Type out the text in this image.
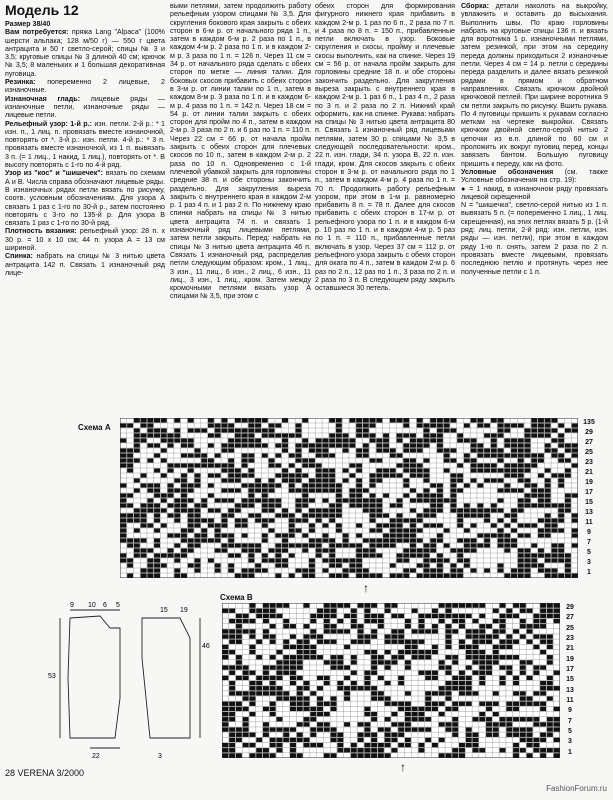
Модель 12

Размер 38/40

Вам потребуется: пряжа Lang "Alpaca" (100% шерсти альпака; 128 м/50 г) — 550 г цвета антрацита и 50 г светло-серой; спицы № 3 и 3,5; круговые спицы № 3 длиной 40 см; крючок № 3,5; 8 маленьких и 1 большая декоративная пуговица.

Резинка: попеременно 2 лицевые, 2 изнаночные.

Изнаночная гладь: лицевые ряды — изнаночные петли, изнаночные ряды — лицевые петли.

Рельефный узор: 1-й р.: изн. петли. 2-й р.: * 1 изн. п., 1 лиц. п. провязать вместе изнаночной, повторять от *. 3-й р.: изн. петли. 4-й р.: * 3 п. провязать вместе изнаночной, из 1 п. вывязать 3 п. (= 1 лиц., 1 накид, 1 лиц.), повторять от *. В высоту повторять с 1-го по 4-й ряд.

Узор из "кос" и "шишечек": вязать по схемам А и В. Числа справа обозначают лицевые ряды. В изнаночных рядах петли вязать по рисунку, соотв. условным обозначениям. Для узора А связать 1 раз с 1-го по 30-й р., затем постоянно повторять с 3-го по 135-й р. Для узора В связать 1 раз с 1-го по 30-й ряд.

Плотность вязания: рельефный узор: 28 п. х 30 р. = 10 х 10 см; 44 п. узора А = 13 см шириной.

Спинка: набрать на спицы № 3 нитью цвета антрацита 142 п. Связать 1 изнаночный ряд лице-

выми петлями, затем продолжить работу рельефным узором спицами № 3,5. Для скругления бокового края закрыть с обеих сторон в 6-м р. от начального ряда 1 п., затем в каждом 6-м р. 2 раза по 1 п., в каждом 4-м р. 2 раза по 1 п. и в каждом 2-м р. 3 раза по 1 п. = 126 п. Через 11 см = 34 р. от начального ряда сделать с обеих сторон по метке — линия талии. Для боковых скосов прибавить с обеих сторон в 3-м р. от линии талии по 1 п., затем в каждом 8-м р. 3 раза по 1 п. и в каждом 6-м р. 4 раза по 1 п. = 142 п. Через 18 см = 54 р. от линии талии закрыть с обеих сторон для пройм по 4 п., затем в каждом 2-м р. 3 раза по 2 п. и 6 раз по 1 п. = 110 п. Через 22 см = 66 р. от начала пройм закрыть с обеих сторон для плечевых скосов по 10 п., затем в каждом 2-м р. 2 раза по 10 п. Одновременно с 1-й плечевой убавкой закрыть для горловины средние 38 п. и обе стороны закончить раздельно. Для закругления выреза закрыть с внутреннего края в каждом 2-м р. 1 раз 4 п. и 1 раз 2 п. По нижнему краю спинки набрать на спицы № 3 нитью цвета антрацита 74 п. и связать 1 изнаночный ряд лицевыми петлями, затем петли закрыть. Перед: набрать на спицы № 3 нитью цвета антрацита 46 п. Связать 1 изнаночный ряд, распределив петли следующим образом: кром., 1 лиц., 3 изн., 11 лиц., 6 изн., 2 лиц., 6 изн., 11 лиц., 3 изн., 1 лиц., кром. Затем между кромочными петлями вязать узор А спицами № 3,5, при этом с

обеих сторон для формирования фигурного нижнего края прибавить в каждом 2-м р. 1 раз по 6 п., 2 раза по 7 п. и 4 раза по 8 п. = 150 п., прибавленные петли включать в узор. Боковые скругления и скосы, пройму и плечевые скосы выполнить, как на спинке. Через 19 см = 56 р. от начала пройм закрыть для горловины средние 18 п. и обе стороны закончить раздельно. Для закругления выреза закрыть с внутреннего края в каждом 2-м р. 1 раз 6 п., 1 раз 4 п., 2 раза по 3 п. и 2 раза по 2 п. Нижний край оформить, как на спинке. Рукава: набрать на спицы № 3 нитью цвета антрацита 80 п. Связать 1 изнаночный ряд лицевыми петлями, затем 30 р. спицами № 3,5 в следующей последовательности: кром., 22 п. изн. глади, 34 п. узора В, 22 п. изн. глади, кром. Для скосов закрыть с обеих сторон в 3-м р. от начального ряда по 1 п., затем в каждом 4-м р. 4 раза по 1 п. = 70 п. Продолжить работу рельефным узором, при этом в 1-м р. равномерно прибавить 8 п. = 78 п. Далее для скосов прибавить с обеих сторон в 17-м р. от рельефного узора по 1 п. и в каждом 6-м р. 10 раз по 1 п. и в каждом 4-м р. 5 раз по 1 п. = 110 п., прибавленные петли включать в узор. Через 37 см = 112 р. от рельефного узора закрыть с обеих сторон для оката по 4 п., затем в каждом 2-м р. 6 раз по 2 п., 12 раз по 1 п., 3 раза по 2 п. и 2 раза по 3 п. В следующем ряду закрыть оставшиеся 30 петель.

Сборка: детали наколоть на выкройку, увлажнить и оставить до высыхания. Выполнить швы. По краю горловины набрать на круговые спицы 136 п. и вязать для воротника 1 р. изнаночными петлями, затем резинкой, при этом на середину переда должны приходиться 2 изнаночные петли. Через 4 см = 14 р. петли с середины переда разделить и далее вязать резинкой рядами в прямом и обратном направлениях. Связать крючком двойной крючковой петлей. При ширине воротника 9 см петли закрыть по рисунку. Вшить рукава. По 4 пуговицы пришить к рукавам согласно меткам на чертеже выкройки. Связать крючком двойной светло-серой нитью 2 цепочки из в.п. длиной по 60 см и проложить их вокруг пуговиц перед, концы завязать бантом. Большую пуговицу пришить к переду, как на фото.

Условные обозначения (см. также Условные обозначения на стр. 19):

● = 1 накид, в изнаночном ряду провязать лицевой скрещенной

N = "шишечка", светло-серой нитью из 1 п. вывязать 5 п. (= попеременно 1 лиц., 1 лиц. скрещенная), на этих петлях вязать 5 р. (1-й ряд: лиц. петли, 2-й ряд: изн. петли, изн. ряды — изн. петли), при этом в каждом ряду 1-ю п. снять, затем 2 раза по 2 п. провязать вместе лицевыми, провязать последнюю петлю и протянуть через нее полученные петли с 1 п.

Схема А
135
29
27
25
23
21
19
17
15
13
11
9
7
5
3
1
↑
Схема В
29
27
25
23
21
19
17
15
13
11
9
7
5
3
1
↑
9 10 6 5
15 19
53
46
22	3
28 VERENA 3/2000
FashionForum.ru
